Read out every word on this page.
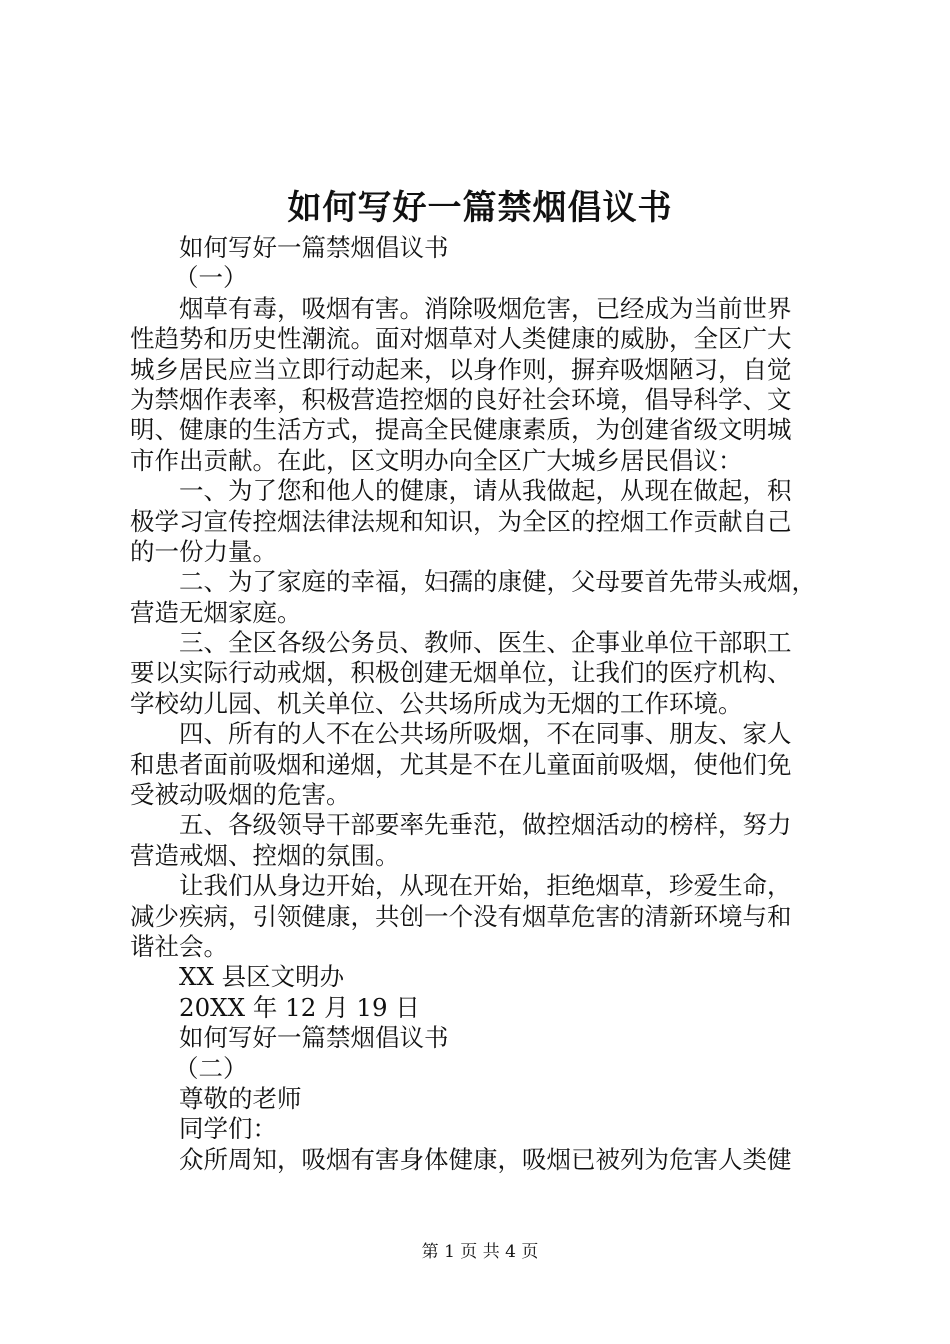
如何写好一篇禁烟倡议书
如何写好一篇禁烟倡议书
（一）
烟草有毒，吸烟有害。消除吸烟危害，已经成为当前世界
性趋势和历史性潮流。面对烟草对人类健康的威胁，全区广大
城乡居民应当立即行动起来，以身作则，摒弃吸烟陋习，自觉
为禁烟作表率，积极营造控烟的良好社会环境，倡导科学、文
明、健康的生活方式，提高全民健康素质，为创建省级文明城
市作出贡献。在此，区文明办向全区广大城乡居民倡议：
一、为了您和他人的健康，请从我做起，从现在做起，积
极学习宣传控烟法律法规和知识，为全区的控烟工作贡献自己
的一份力量。
二、为了家庭的幸福，妇孺的康健，父母要首先带头戒烟，
营造无烟家庭。
三、全区各级公务员、教师、医生、企事业单位干部职工
要以实际行动戒烟，积极创建无烟单位，让我们的医疗机构、
学校幼儿园、机关单位、公共场所成为无烟的工作环境。
四、所有的人不在公共场所吸烟，不在同事、朋友、家人
和患者面前吸烟和递烟，尤其是不在儿童面前吸烟，使他们免
受被动吸烟的危害。
五、各级领导干部要率先垂范，做控烟活动的榜样，努力
营造戒烟、控烟的氛围。
让我们从身边开始，从现在开始，拒绝烟草，珍爱生命，
减少疾病，引领健康，共创一个没有烟草危害的清新环境与和
谐社会。
XX 县区文明办
20XX 年 12 月 19 日
如何写好一篇禁烟倡议书
（二）
尊敬的老师
同学们：
众所周知，吸烟有害身体健康，吸烟已被列为危害人类健
第 1 页 共 4 页
